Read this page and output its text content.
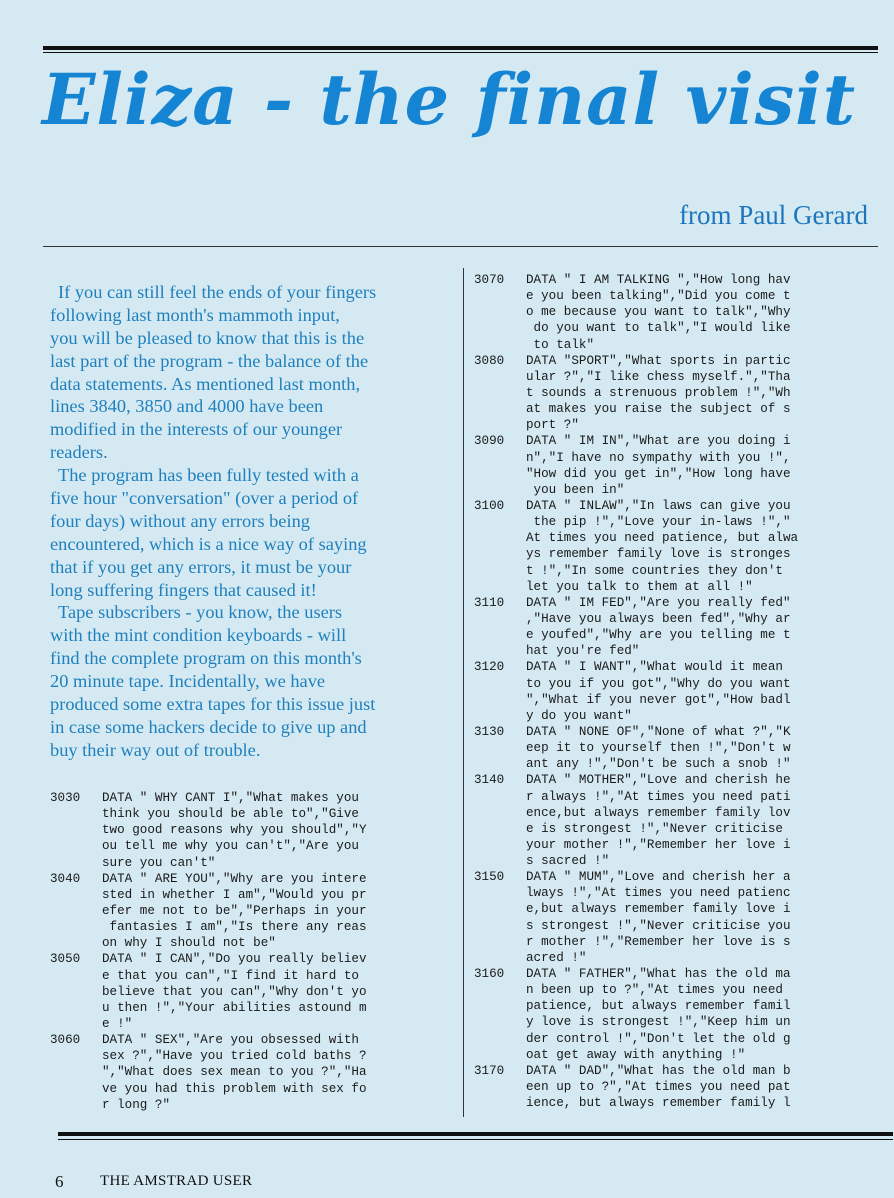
Eliza - the final visit
from Paul Gerard
If you can still feel the ends of your fingers
following last month's mammoth input,
you will be pleased to know that this is the
last part of the program - the balance of the
data statements. As mentioned last month,
lines 3840, 3850 and 4000 have been
modified in the interests of our younger
readers.
The program has been fully tested with a
five hour "conversation" (over a period of
four days) without any errors being
encountered, which is a nice way of saying
that if you get any errors, it must be your
long suffering fingers that caused it!
Tape subscribers - you know, the users
with the mint condition keyboards - will
find the complete program on this month's
20 minute tape. Incidentally, we have
produced some extra tapes for this issue just
in case some hackers decide to give up and
buy their way out of trouble.
3030	DATA " WHY CANT I","What makes you
think you should be able to","Give
two good reasons why you should","Y
ou tell me why you can't","Are you
sure you can't"
3040	DATA " ARE YOU","Why are you intere
sted in whether I am","Would you pr
efer me not to be","Perhaps in your
fantasies I am","Is there any reas
on why I should not be"
3050	DATA " I CAN","Do you really believ
e that you can","I find it hard to
believe that you can","Why don't yo
u then !","Your abilities astound m
e !"
3060	DATA " SEX","Are you obsessed with
sex ?","Have you tried cold baths ?
","What does sex mean to you ?","Ha
ve you had this problem with sex fo
r long ?"
3070	DATA " I AM TALKING ","How long hav
e you been talking","Did you come t
o me because you want to talk","Why
do you want to talk","I would like
to talk"
3080	DATA "SPORT","What sports in partic
ular ?","I like chess myself.","Tha
t sounds a strenuous problem !","Wh
at makes you raise the subject of s
port ?"
3090	DATA " IM IN","What are you doing i
n","I have no sympathy with you !",
"How did you get in","How long have
you been in"
3100	DATA " INLAW","In laws can give you
the pip !","Love your in-laws !","
At times you need patience, but alwa
ys remember family love is stronges
t !","In some countries they don't
let you talk to them at all !"
3110	DATA " IM FED","Are you really fed"
,"Have you always been fed","Why ar
e youfed","Why are you telling me t
hat you're fed"
3120	DATA " I WANT","What would it mean
to you if you got","Why do you want
","What if you never got","How badl
y do you want"
3130	DATA " NONE OF","None of what ?","K
eep it to yourself then !","Don't w
ant any !","Don't be such a snob !"
3140	DATA " MOTHER","Love and cherish he
r always !","At times you need pati
ence,but always remember family lov
e is strongest !","Never criticise
your mother !","Remember her love i
s sacred !"
3150	DATA " MUM","Love and cherish her a
lways !","At times you need patienc
e,but always remember family love i
s strongest !","Never criticise you
r mother !","Remember her love is s
acred !"
3160	DATA " FATHER","What has the old ma
n been up to ?","At times you need
patience, but always remember famil
y love is strongest !","Keep him un
der control !","Don't let the old g
oat get away with anything !"
3170	DATA " DAD","What has the old man b
een up to ?","At times you need pat
ience, but always remember family l
6 THE AMSTRAD USER
